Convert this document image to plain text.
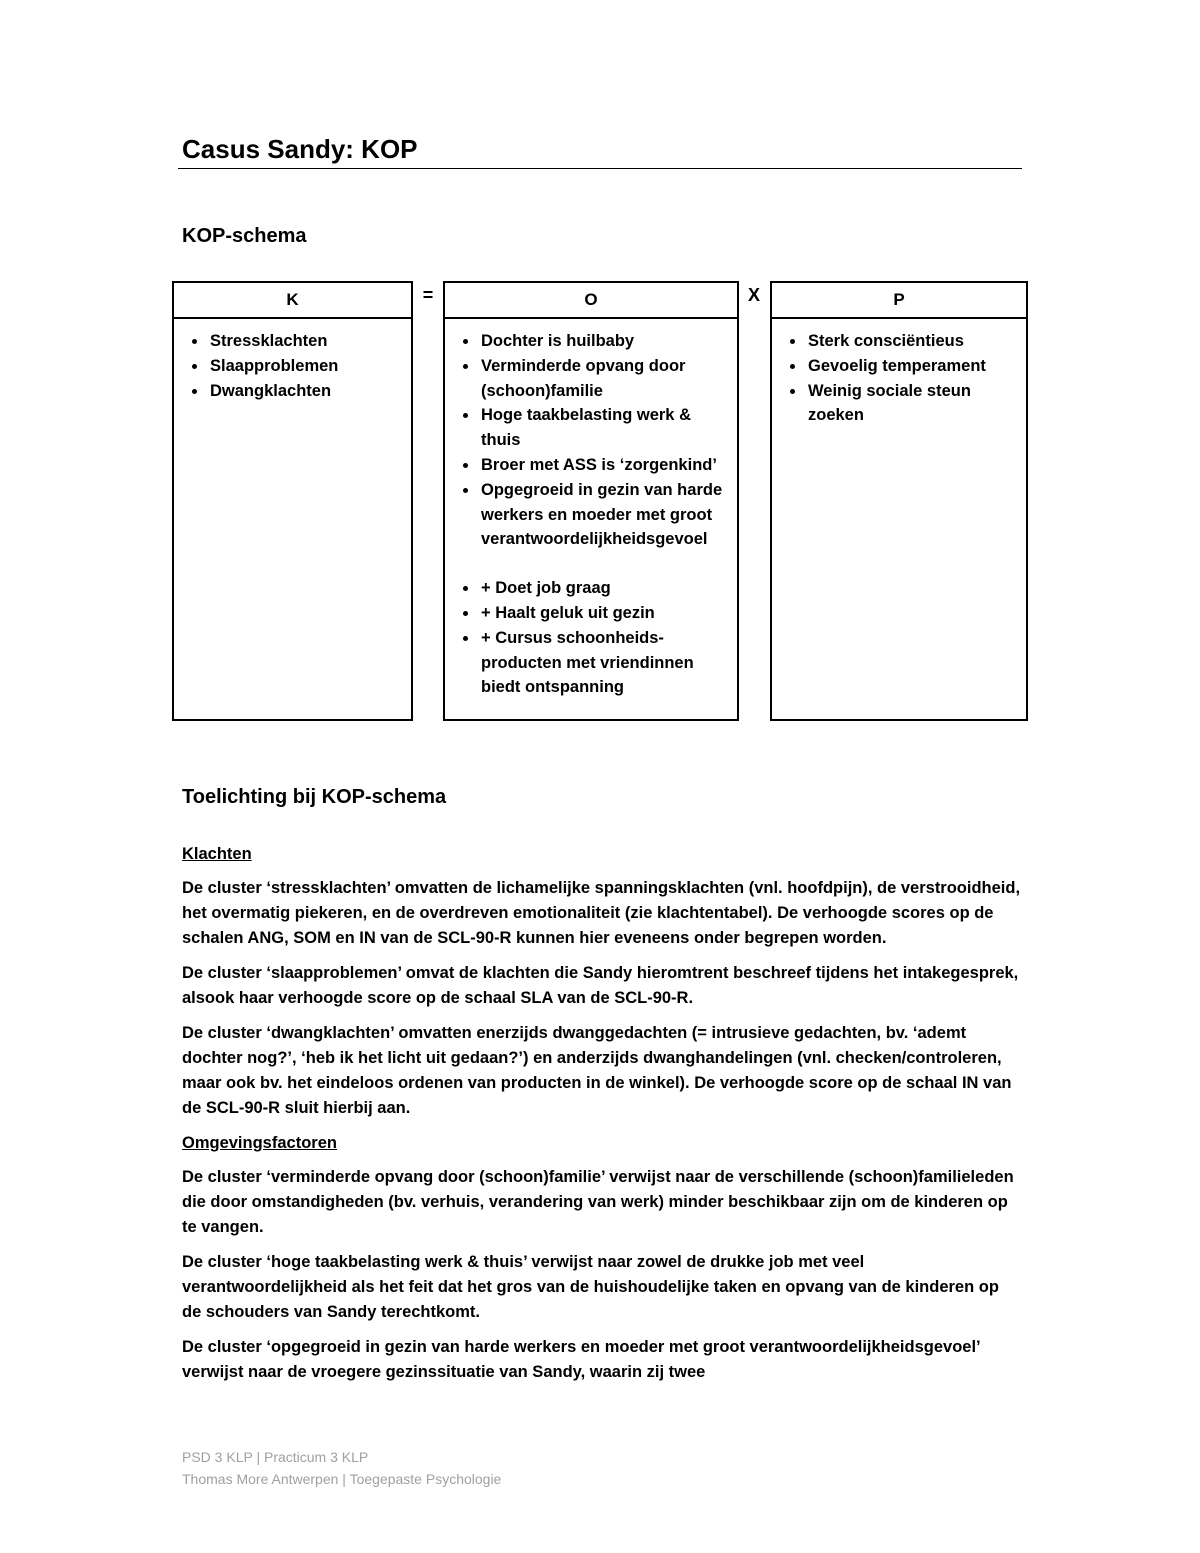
Casus Sandy: KOP
KOP-schema
K
• Stressklachten
• Slaapproblemen
• Dwangklachten
=	O
• Dochter is huilbaby
• Verminderde opvang door (schoon)familie
• Hoge taakbelasting werk & thuis
• Broer met ASS is ‘zorgenkind’
• Opgegroeid in gezin van harde werkers en moeder met groot verantwoordelijkheidsgevoel
• + Doet job graag
• + Haalt geluk uit gezin
• + Cursus schoonheids-producten met vriendinnen biedt ontspanning
X	P
• Sterk consciëntieus
• Gevoelig temperament
• Weinig sociale steun zoeken
Toelichting bij KOP-schema

Klachten

De cluster ‘stressklachten’ omvatten de lichamelijke spanningsklachten (vnl. hoofdpijn), de verstrooidheid, het overmatig piekeren, en de overdreven emotionaliteit (zie klachtentabel). De verhoogde scores op de schalen ANG, SOM en IN van de SCL-90-R kunnen hier eveneens onder begrepen worden.

De cluster ‘slaapproblemen’ omvat de klachten die Sandy hieromtrent beschreef tijdens het intakegesprek, alsook haar verhoogde score op de schaal SLA van de SCL-90-R.

De cluster ‘dwangklachten’ omvatten enerzijds dwanggedachten (= intrusieve gedachten, bv. ‘ademt dochter nog?’, ‘heb ik het licht uit gedaan?’) en anderzijds dwanghandelingen (vnl. checken/controleren, maar ook bv. het eindeloos ordenen van producten in de winkel). De verhoogde score op de schaal IN van de SCL-90-R sluit hierbij aan.

Omgevingsfactoren

De cluster ‘verminderde opvang door (schoon)familie’ verwijst naar de verschillende (schoon)familieleden die door omstandigheden (bv. verhuis, verandering van werk) minder beschikbaar zijn om de kinderen op te vangen.

De cluster ‘hoge taakbelasting werk & thuis’ verwijst naar zowel de drukke job met veel verantwoordelijkheid als het feit dat het gros van de huishoudelijke taken en opvang van de kinderen op de schouders van Sandy terechtkomt.

De cluster ‘opgegroeid in gezin van harde werkers en moeder met groot verantwoordelijkheidsgevoel’ verwijst naar de vroegere gezinssituatie van Sandy, waarin zij twee

PSD 3 KLP | Practicum 3 KLP
Thomas More Antwerpen | Toegepaste Psychologie
